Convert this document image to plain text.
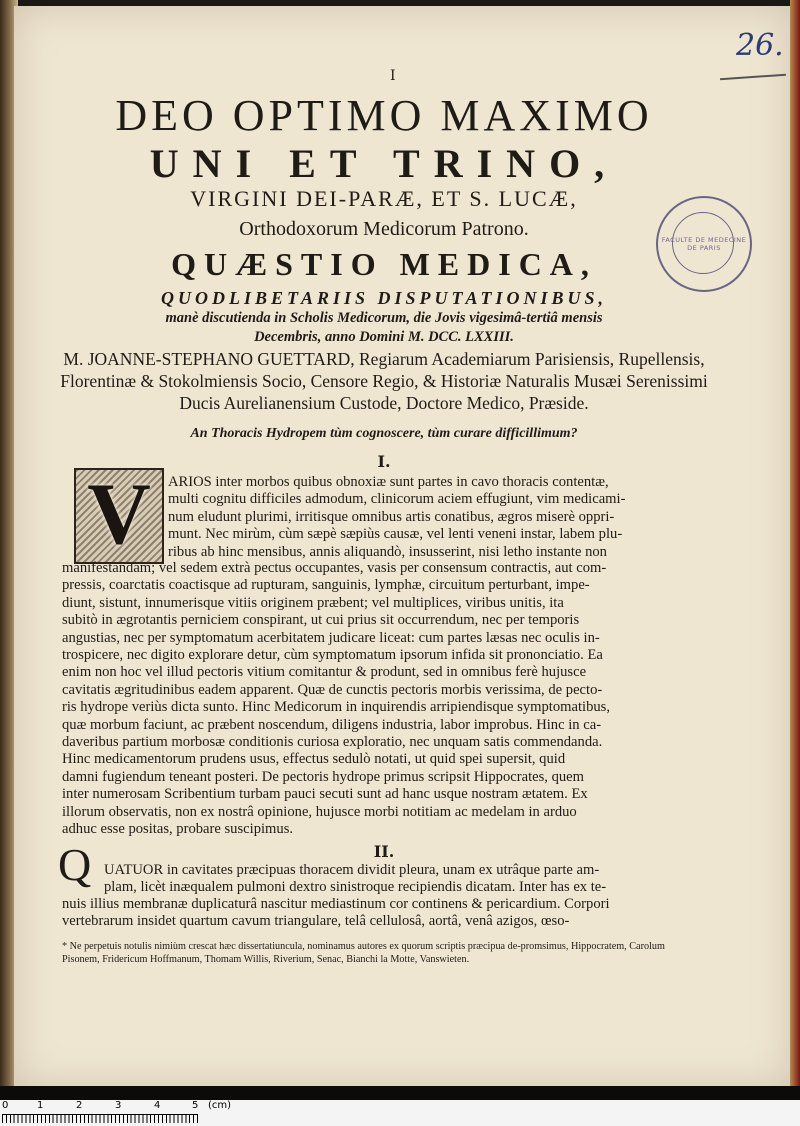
26.
I
DEO OPTIMO MAXIMO
UNI ET TRINO,
VIRGINI DEI-PARÆ, ET S. LUCÆ,
Orthodoxorum Medicorum Patrono.
QUÆSTIO MEDICA,
QUODLIBETARIIS DISPUTATIONIBUS,
manè discutienda in Scholis Medicorum, die Jovis vigesimâ-tertiâ mensis
Decembris, anno Domini M. DCC. LXXIII.
M. JOANNE-STEPHANO GUETTARD, Regiarum Academiarum Parisiensis, Rupellensis, Florentinæ & Stokolmiensis Socio, Censore Regio, & Historiæ Naturalis Musæi Serenissimi Ducis Aurelianensium Custode, Doctore Medico, Præside.
An Thoracis Hydropem tùm cognoscere, tùm curare difficillimum?
FACULTE DE MEDECINE DE PARIS
I.
V	ARIOS inter morbos quibus obnoxiæ sunt partes in cavo thoracis contentæ,
multi cognitu difficiles admodum, clinicorum aciem effugiunt, vim medicami-
num eludunt plurimi, irritisque omnibus artis conatibus, ægros miserè oppri-
munt. Nec mirùm, cùm sæpè sæpiùs causæ, vel lenti veneni instar, labem plu-
ribus ab hinc mensibus, annis aliquandò, insusserint, nisi letho instante non
manifestandam; vel sedem extrà pectus occupantes, vasis per consensum contractis, aut com-
pressis, coarctatis coactisque ad rupturam, sanguinis, lymphæ, circuitum perturbant, impe-
diunt, sistunt, innumerisque vitiis originem præbent; vel multiplices, viribus unitis, ita
subitò in ægrotantis perniciem conspirant, ut cui prius sit occurrendum, nec per temporis
angustias, nec per symptomatum acerbitatem judicare liceat: cum partes læsas nec oculis in-
trospicere, nec digito explorare detur, cùm symptomatum ipsorum infida sit prononciatio. Ea
enim non hoc vel illud pectoris vitium comitantur & produnt, sed in omnibus ferè hujusce
cavitatis ægritudinibus eadem apparent. Quæ de cunctis pectoris morbis verissima, de pecto-
ris hydrope veriùs dicta sunto. Hinc Medicorum in inquirendis arripiendisque symptomatibus,
quæ morbum faciunt, ac præbent noscendum, diligens industria, labor improbus. Hinc in ca-
daveribus partium morbosæ conditionis curiosa exploratio, nec unquam satis commendanda.
Hinc medicamentorum prudens usus, effectus sedulò notati, ut quid spei supersit, quid
damni fugiendum teneant posteri. De pectoris hydrope primus scripsit Hippocrates, quem
inter numerosam Scribentium turbam pauci secuti sunt ad hanc usque nostram ætatem. Ex
illorum observatis, non ex nostrâ opinione, hujusce morbi notitiam ac medelam in arduo
adhuc esse positas, probare suscipimus.
II.
Q UATUOR in cavitates præcipuas thoracem dividit pleura, unam ex utrâque parte am-
plam, licèt inæqualem pulmoni dextro sinistroque recipiendis dicatam. Inter has ex te-
nuis illius membranæ duplicaturâ nascitur mediastinum cor continens & pericardium. Corpori
vertebrarum insidet quartum cavum triangulare, telâ cellulosâ, aortâ, venâ azigos, œso-
* Ne perpetuis notulis nimiùm crescat hæc dissertatiuncula, nominamus autores ex quorum scriptis præcipua de-promsimus, Hippocratem, Carolum Pisonem, Fridericum Hoffmanum, Thomam Willis, Riverium, Senac, Bianchi la Motte, Vanswieten.
0	1	2	3	4	5 (cm)
